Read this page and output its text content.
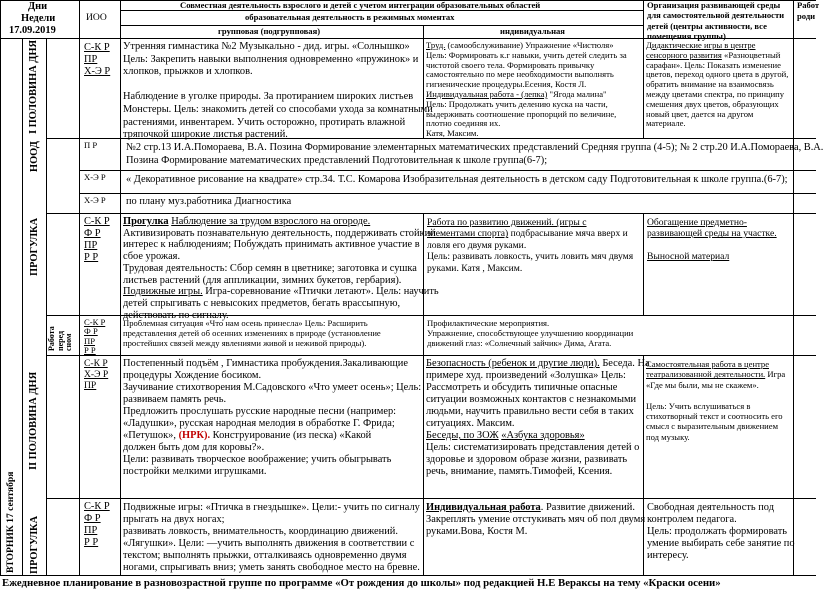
Дни
Недели
17.09.2019
ИОО
Совместная деятельность взрослого и детей с учетом интеграции образовательных областей
образовательная деятельность в режимных моментах
групповая (подгрупповая)	индивидуальная
Организация развивающей среды
для самостоятельной деятельности
детей (центры активности, все
помещения группы)
Работ
роди
I ПОЛОВИНА ДНЯ
НООД
ПРОГУЛКА
II ПОЛОВИНА ДНЯ
ПРОГУЛКА
ВТОРНИК 17 сентября
Работа перед сном
С-К Р
ПР
Х-Э Р
П Р
Х-Э Р
Х-Э Р
С-К Р
Ф Р
ПР
Р Р
С-К Р
Ф Р
ПР
Р Р
С-К Р
Х-Э Р
ПР
С-К Р
Ф Р
ПР
Р Р
Утренняя гимнастика №2 Музыкально - дид. игры. «Солнышко»
Цель: Закрепить навыки выполнения одновременно «пружинок» и
хлопков, прыжков и хлопков.

Наблюдение в уголке природы. За протиранием широких листьев
Монстеры. Цель: знакомить детей со способами ухода за комнатными
растениями, инвентарем. Учить осторожно, протирать влажной
тряпочкой широкие листья растений.
Труд. (самообслуживание) Упражнение «Чистюля»
Цель: Формировать к.г навыки, учить детей следить за
чистотой своего тела. Формировать привычку
самостоятельно по мере необходимости выполнять
гигиенические процедуры.Есения, Костя Л.
Индивидуальная работа - (лепка) "Ягода малина"
Цель: Продолжать учить делению куска на части,
выдерживать соотношение пропорций по величине,
плотно соединяя их.
Катя, Максим.
Дидактические игры в центре
сенсорного развития «Разноцветный
сарафан». Цель: Показать изменение
цветов, переход одного цвета в другой,
обратить внимание на взаимосвязь
между цветами спектра, по принципу
смешения двух цветов, образующих
новый цвет, дается на другом
материале.
№2 стр.13 И.А.Помораева, В.А. Позина Формирование элементарных математических представлений Средняя группа (4-5); № 2 стр.20 И.А.Помораева, В.А.
Позина Формирование математических представлений Подготовительная к школе группа(6-7);
« Декоративное рисование на квадрате» стр.34. Т.С. Комарова Изобразительная деятельность в детском саду Подготовительная к школе группа.(6-7);
по плану муз.работника Диагностика
Прогулка Наблюдение за трудом взрослого на огороде.
Активизировать познавательную деятельность, поддерживать стойкий
интерес к наблюдениям; Побуждать принимать активное участие в
сбое урожая.
Трудовая деятельность: Сбор семян в цветнике; заготовка и сушка
листьев растений (для аппликации, зимних букетов, гербария).
Подвижные игры. Игра-соревнование «Птички летают». Цель: научить
детей спрыгивать с невысоких предметов, бегать врассыпную,
действовать по сигналу.
Работа по развитию движений. (игры с
элементами спорта) подбрасывание мяча вверх и
ловля его двумя руками.
Цель: развивать ловкость, учить ловить мяч двумя
руками. Катя , Максим.
Обогащение предметно-
развивающей среды на участке.

Выносной материал
Проблемная ситуация «Что нам осень принесла» Цель: Расширить
представления детей об осенних изменениях в природе (установление
простейших связей между явлениями живой и неживой природы).
Профилактические мероприятия.
Упражнение, способствующее улучшению координации
движений глаз: «Солнечный зайчик» Дима, Агата.
Постепенный подъём , Гимнастика пробуждения.Закаливающие
процедуры Хождение босиком.
Заучивание стихотворения М.Садовского «Что умеет осень»; Цель:
развиваем память речь.
Предложить прослушать русские народные песни (например:
«Ладушки», русская народная мелодия в обработке Г. Фрида;
«Петушок», (НРК). Конструирование (из песка) «Какой
должен быть дом для коровы?».
Цели: развивать творческое воображение; учить обыгрывать
постройки мелкими игрушками.
Безопасность (ребенок и другие люди). Беседа. На
примере худ. произведений «Золушка» Цель:
Рассмотреть и обсудить типичные опасные
ситуации возможных контактов с незнакомыми
людьми, научить правильно вести себя в таких
ситуациях. Максим.
Беседы, по ЗОЖ «Азбука здоровья»
Цель: систематизировать представления детей о
здоровье и здоровом образе жизни, развивать
речь, внимание, память.Тимофей, Ксения.
Самостоятельная работа в центре
театрализованной деятельности. Игра
«Где мы были, мы не скажем».

Цель: Учить вслушиваться в
стихотворный текст и соотносить его
смысл с выразительным движением
под музыку.
Подвижные игры: «Птичка в гнездышке». Цели:- учить по сигналу
прыгать на двух ногах;
развивать ловкость, внимательность, координацию движений.
«Лягушки». Цели: —учить выполнять движения в соответствии с
текстом; выполнять прыжки, отталкиваясь одновременно двумя
ногами, спрыгивать вниз; уметь занять свободное место на бревне.
Индивидуальная работа. Развитие движений.
Закреплять умение отстукивать мяч об пол двумя
руками.Вова, Костя М.
Свободная деятельность под
контролем педагога.
Цель: продолжать формировать
умение выбирать себе занятие по
интересу.
Ежедневное планирование в разновозрастной группе по программе «От рождения до школы» под редакцией Н.Е Вераксы на тему «Краски осени»
